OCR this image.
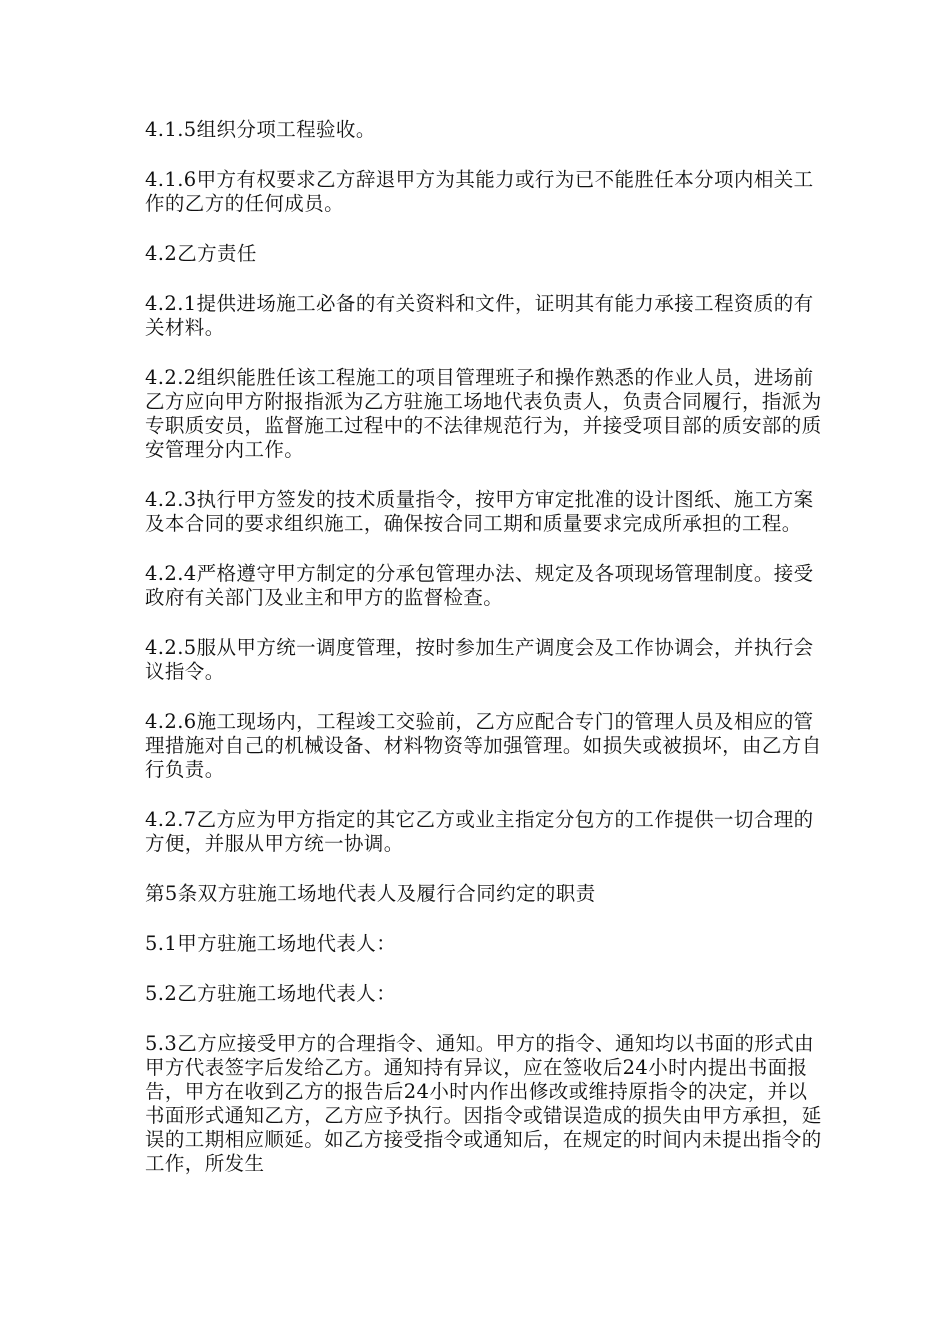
4.1.5组织分项工程验收。

4.1.6甲方有权要求乙方辞退甲方为其能力或行为已不能胜任本分项内相关工作的乙方的任何成员。

4.2乙方责任

4.2.1提供进场施工必备的有关资料和文件，证明其有能力承接工程资质的有关材料。

4.2.2组织能胜任该工程施工的项目管理班子和操作熟悉的作业人员，进场前乙方应向甲方附报指派为乙方驻施工场地代表负责人，负责合同履行，指派为专职质安员，监督施工过程中的不法律规范行为，并接受项目部的质安部的质安管理分内工作。

4.2.3执行甲方签发的技术质量指令，按甲方审定批准的设计图纸、施工方案及本合同的要求组织施工，确保按合同工期和质量要求完成所承担的工程。

4.2.4严格遵守甲方制定的分承包管理办法、规定及各项现场管理制度。接受政府有关部门及业主和甲方的监督检查。

4.2.5服从甲方统一调度管理，按时参加生产调度会及工作协调会，并执行会议指令。

4.2.6施工现场内，工程竣工交验前，乙方应配合专门的管理人员及相应的管理措施对自己的机械设备、材料物资等加强管理。如损失或被损坏，由乙方自行负责。

4.2.7乙方应为甲方指定的其它乙方或业主指定分包方的工作提供一切合理的方便，并服从甲方统一协调。

第5条双方驻施工场地代表人及履行合同约定的职责

5.1甲方驻施工场地代表人：

5.2乙方驻施工场地代表人：

5.3乙方应接受甲方的合理指令、通知。甲方的指令、通知均以书面的形式由甲方代表签字后发给乙方。通知持有异议，应在签收后24小时内提出书面报告，甲方在收到乙方的报告后24小时内作出修改或维持原指令的决定，并以书面形式通知乙方，乙方应予执行。因指令或错误造成的损失由甲方承担，延误的工期相应顺延。如乙方接受指令或通知后，在规定的时间内未提出指令的工作，所发生
